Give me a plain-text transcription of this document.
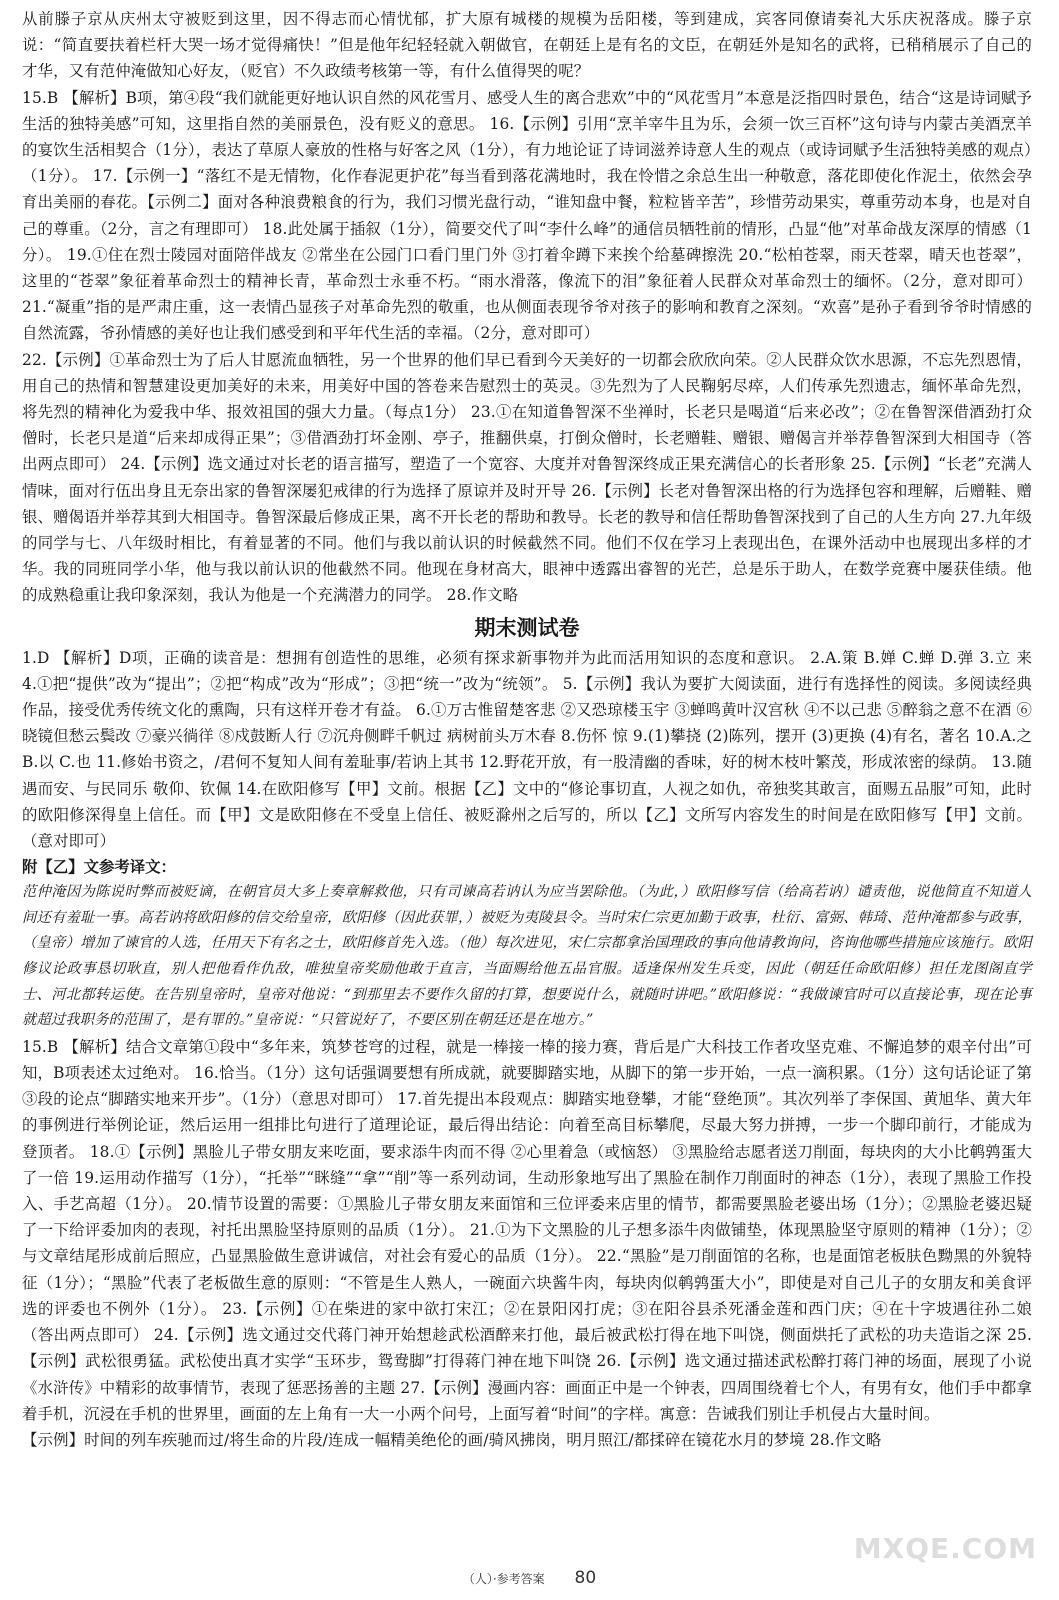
从前滕子京从庆州太守被贬到这里，因不得志而心情忧郁，扩大原有城楼的规模为岳阳楼，等到建成，宾客同僚请奏礼大乐庆祝落成。滕子京说：“简直要扶着栏杆大哭一场才觉得痛快！”但是他年纪轻轻就入朝做官，在朝廷上是有名的文臣，在朝廷外是知名的武将，已稍稍展示了自己的才华，又有范仲淹做知心好友，（贬官）不久政绩考核第一等，有什么值得哭的呢？

15.B 【解析】B项，第④段“我们就能更好地认识自然的风花雪月、感受人生的离合悲欢”中的“风花雪月”本意是泛指四时景色，结合“这是诗词赋予生活的独特美感”可知，这里指自然的美丽景色，没有贬义的意思。 16.【示例】引用“烹羊宰牛且为乐，会须一饮三百杯”这句诗与内蒙古美酒烹羊的宴饮生活相契合（1分），表达了草原人豪放的性格与好客之风（1分），有力地论证了诗词滋养诗意人生的观点（或诗词赋予生活独特美感的观点）（1分）。 17.【示例一】“落红不是无情物，化作春泥更护花”每当看到落花满地时，我在怜惜之余总生出一种敬意，落花即使化作泥土，依然会孕育出美丽的春花。【示例二】面对各种浪费粮食的行为，我们习惯光盘行动，“谁知盘中餐，粒粒皆辛苦”，珍惜劳动果实，尊重劳动本身，也是对自己的尊重。（2分，言之有理即可） 18.此处属于插叙（1分），简要交代了叫“李什么峰”的通信员牺牲前的情形，凸显“他”对革命战友深厚的情感（1分）。 19.①住在烈士陵园对面陪伴战友 ②常坐在公园门口看门里门外 ③打着伞蹲下来挨个给墓碑擦洗 20.“松柏苍翠，雨天苍翠，晴天也苍翠”，这里的“苍翠”象征着革命烈士的精神长青，革命烈士永垂不朽。“雨水滑落，像流下的泪”象征着人民群众对革命烈士的缅怀。（2分，意对即可） 21.“凝重”指的是严肃庄重，这一表情凸显孩子对革命先烈的敬重，也从侧面表现爷爷对孩子的影响和教育之深刻。“欢喜”是孙子看到爷爷时情感的自然流露，爷孙情感的美好也让我们感受到和平年代生活的幸福。（2分，意对即可）

22.【示例】①革命烈士为了后人甘愿流血牺牲，另一个世界的他们早已看到今天美好的一切都会欣欣向荣。②人民群众饮水思源，不忘先烈恩情，用自己的热情和智慧建设更加美好的未来，用美好中国的答卷来告慰烈士的英灵。③先烈为了人民鞠躬尽瘁，人们传承先烈遗志，缅怀革命先烈，将先烈的精神化为爱我中华、报效祖国的强大力量。（每点1分） 23.①在知道鲁智深不坐禅时，长老只是喝道“后来必改”；②在鲁智深借酒劲打众僧时，长老只是道“后来却成得正果”；③借酒劲打坏金刚、亭子，推翻供桌，打倒众僧时，长老赠鞋、赠银、赠偈言并举荐鲁智深到大相国寺（答出两点即可） 24.【示例】选文通过对长老的语言描写，塑造了一个宽容、大度并对鲁智深终成正果充满信心的长者形象 25.【示例】“长老”充满人情味，面对行伍出身且无奈出家的鲁智深屡犯戒律的行为选择了原谅并及时开导 26.【示例】长老对鲁智深出格的行为选择包容和理解，后赠鞋、赠银、赠偈语并举荐其到大相国寺。鲁智深最后修成正果，离不开长老的帮助和教导。长老的教导和信任帮助鲁智深找到了自己的人生方向 27.九年级的同学与七、八年级时相比，有着显著的不同。他们与我以前认识的时候截然不同。他们不仅在学习上表现出色，在课外活动中也展现出多样的才华。我的同班同学小华，他与我以前认识的他截然不同。他现在身材高大，眼神中透露出睿智的光芒，总是乐于助人，在数学竞赛中屡获佳绩。他的成熟稳重让我印象深刻，我认为他是一个充满潜力的同学。 28.作文略

期末测试卷

1.D 【解析】D项，正确的读音是：想拥有创造性的思维，必须有探求新事物并为此而活用知识的态度和意识。 2.A.策 B.婵 C.蝉 D.弹 3.立 来 4.①把“提供”改为“提出”；②把“构成”改为“形成”；③把“统一”改为“统领”。 5.【示例】我认为要扩大阅读面，进行有选择性的阅读。多阅读经典作品，接受优秀传统文化的熏陶，只有这样开卷才有益。 6.①万古惟留楚客悲 ②又恐琼楼玉宇 ③蝉鸣黄叶汉宫秋 ④不以己悲 ⑤醉翁之意不在酒 ⑥晓镜但愁云鬓改 ⑦豪兴徜徉 ⑧戍鼓断人行 ⑦沉舟侧畔千帆过 病树前头万木春 8.伤怀 惊 9.(1)攀挠 (2)陈列，摆开 (3)更换 (4)有名，著名 10.A.之 B.以 C.也 11.修始书资之，/君何不复知人间有羞耻事/若讷上其书 12.野花开放，有一股清幽的香味，好的树木枝叶繁茂，形成浓密的绿荫。 13.随遇而安、与民同乐 敬仰、钦佩 14.在欧阳修写【甲】文前。根据【乙】文中的“修论事切直，人视之如仇，帝独奖其敢言，面赐五品服”可知，此时的欧阳修深得皇上信任。而【甲】文是欧阳修在不受皇上信任、被贬滁州之后写的，所以【乙】文所写内容发生的时间是在欧阳修写【甲】文前。（意对即可）

附【乙】文参考译文：

范仲淹因为陈说时弊而被贬谪，在朝官员大多上奏章解救他，只有司谏高若讷认为应当罢除他。（为此，）欧阳修写信（给高若讷）谴责他，说他简直不知道人间还有羞耻一事。高若讷将欧阳修的信交给皇帝，欧阳修（因此获罪，）被贬为夷陵县令。当时宋仁宗更加勤于政事，杜衍、富弼、韩琦、范仲淹都参与政事，（皇帝）增加了谏官的人选，任用天下有名之士，欧阳修首先入选。（他）每次进见，宋仁宗都拿治国理政的事向他请教询问，咨询他哪些措施应该施行。欧阳修议论政事恳切耿直，别人把他看作仇敌，唯独皇帝奖励他敢于直言，当面赐给他五品官服。适逢保州发生兵变，因此（朝廷任命欧阳修）担任龙图阁直学士、河北都转运使。在告别皇帝时，皇帝对他说：“到那里去不要作久留的打算，想要说什么，就随时讲吧。”欧阳修说：“我做谏官时可以直接论事，现在论事就超过我职务的范围了，是有罪的。”皇帝说：“只管说好了，不要区别在朝廷还是在地方。”

15.B 【解析】结合文章第①段中“多年来，筑梦苍穹的过程，就是一棒接一棒的接力赛，背后是广大科技工作者攻坚克难、不懈追梦的艰辛付出”可知，B项表述太过绝对。 16.恰当。（1分）这句话强调要想有所成就，就要脚踏实地，从脚下的第一步开始，一点一滴积累。（1分）这句话论证了第③段的论点“脚踏实地来开步”。（1分）（意思对即可） 17.首先提出本段观点：脚踏实地登攀，才能“登绝顶”。其次列举了李保国、黄旭华、黄大年的事例进行举例论证，然后运用一组排比句进行了道理论证，最后得出结论：向着至高目标攀爬，尽最大努力拼搏，一步一个脚印前行，才能成为登顶者。 18.①【示例】黑脸儿子带女朋友来吃面，要求添牛肉而不得 ②心里着急（或恼怒） ③黑脸给志愿者送刀削面，每块肉的大小比鹌鹑蛋大了一倍 19.运用动作描写（1分），“托举”“眯缝”“拿”“削”等一系列动词，生动形象地写出了黑脸在制作刀削面时的神态（1分），表现了黑脸工作投入、手艺高超（1分）。 20.情节设置的需要：①黑脸儿子带女朋友来面馆和三位评委来店里的情节，都需要黑脸老婆出场（1分）；②黑脸老婆迟疑了一下给评委加肉的表现，衬托出黑脸坚持原则的品质（1分）。 21.①为下文黑脸的儿子想多添牛肉做铺垫，体现黑脸坚守原则的精神（1分）；②与文章结尾形成前后照应，凸显黑脸做生意讲诚信，对社会有爱心的品质（1分）。 22.“黑脸”是刀削面馆的名称，也是面馆老板肤色黝黑的外貌特征（1分）；“黑脸”代表了老板做生意的原则：“不管是生人熟人，一碗面六块酱牛肉，每块肉似鹌鹑蛋大小”，即使是对自己儿子的女朋友和美食评选的评委也不例外（1分）。 23.【示例】①在柴进的家中欲打宋江；②在景阳冈打虎；③在阳谷县杀死潘金莲和西门庆；④在十字坡遇往孙二娘（答出两点即可） 24.【示例】选文通过交代蒋门神开始想趁武松酒醉来打他，最后被武松打得在地下叫饶，侧面烘托了武松的功夫造诣之深 25.【示例】武松很勇猛。武松使出真才实学“玉环步，鸳鸯脚”打得蒋门神在地下叫饶 26.【示例】选文通过描述武松醉打蒋门神的场面，展现了小说《水浒传》中精彩的故事情节，表现了惩恶扬善的主题 27.【示例】漫画内容：画面正中是一个钟表，四周围绕着七个人，有男有女，他们手中都拿着手机，沉浸在手机的世界里，画面的左上角有一大一小两个问号，上面写着“时间”的字样。寓意：告诫我们别让手机侵占大量时间。

【示例】时间的列车疾驰而过/将生命的片段/连成一幅精美绝伦的画/骑风拂岗，明月照江/都揉碎在镜花水月的梦境 28.作文略

（人）·参考答案 80
MXQE.COM
